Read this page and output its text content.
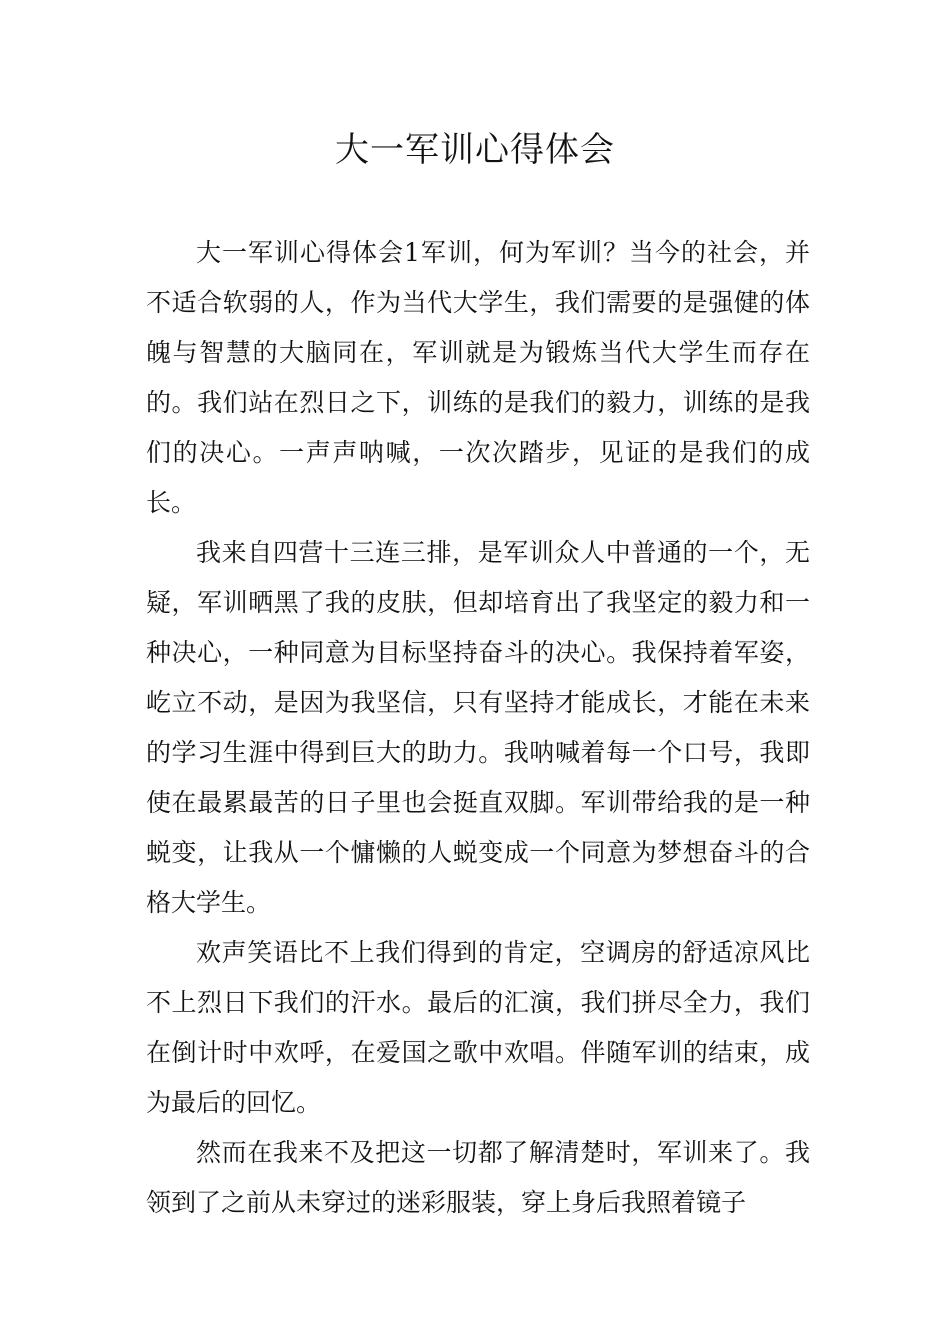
大一军训心得体会

大一军训心得体会1军训，何为军训？当今的社会，并不适合软弱的人，作为当代大学生，我们需要的是强健的体魄与智慧的大脑同在，军训就是为锻炼当代大学生而存在的。我们站在烈日之下，训练的是我们的毅力，训练的是我们的决心。一声声呐喊，一次次踏步，见证的是我们的成长。

我来自四营十三连三排，是军训众人中普通的一个，无疑，军训晒黑了我的皮肤，但却培育出了我坚定的毅力和一种决心，一种同意为目标坚持奋斗的决心。我保持着军姿，屹立不动，是因为我坚信，只有坚持才能成长，才能在未来的学习生涯中得到巨大的助力。我呐喊着每一个口号，我即使在最累最苦的日子里也会挺直双脚。军训带给我的是一种蜕变，让我从一个慵懒的人蜕变成一个同意为梦想奋斗的合格大学生。

欢声笑语比不上我们得到的肯定，空调房的舒适凉风比不上烈日下我们的汗水。最后的汇演，我们拼尽全力，我们在倒计时中欢呼，在爱国之歌中欢唱。伴随军训的结束，成为最后的回忆。

然而在我来不及把这一切都了解清楚时，军训来了。我领到了之前从未穿过的迷彩服装，穿上身后我照着镜子
